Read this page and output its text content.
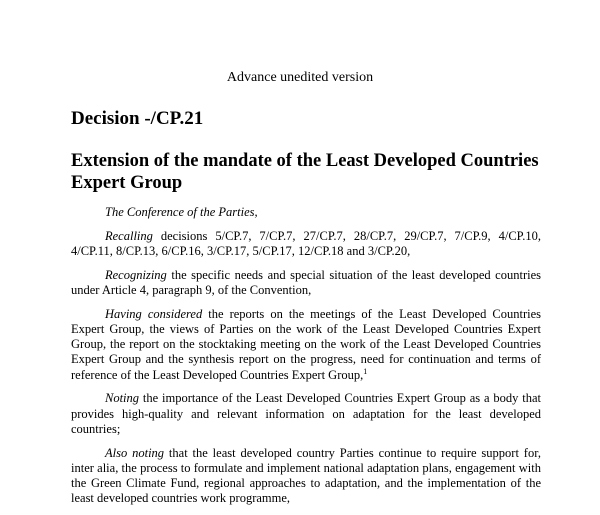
Advance unedited version
Decision -/CP.21
Extension of the mandate of the Least Developed Countries Expert Group

The Conference of the Parties,

Recalling decisions 5/CP.7, 7/CP.7, 27/CP.7, 28/CP.7, 29/CP.7, 7/CP.9, 4/CP.10, 4/CP.11, 8/CP.13, 6/CP.16, 3/CP.17, 5/CP.17, 12/CP.18 and 3/CP.20,

Recognizing the specific needs and special situation of the least developed countries under Article 4, paragraph 9, of the Convention,

Having considered the reports on the meetings of the Least Developed Countries Expert Group, the views of Parties on the work of the Least Developed Countries Expert Group, the report on the stocktaking meeting on the work of the Least Developed Countries Expert Group and the synthesis report on the progress, need for continuation and terms of reference of the Least Developed Countries Expert Group,$^1$

Noting the importance of the Least Developed Countries Expert Group as a body that provides high-quality and relevant information on adaptation for the least developed countries;

Also noting that the least developed country Parties continue to require support for, inter alia, the process to formulate and implement national adaptation plans, engagement with the Green Climate Fund, regional approaches to adaptation, and the implementation of the least developed countries work programme,
